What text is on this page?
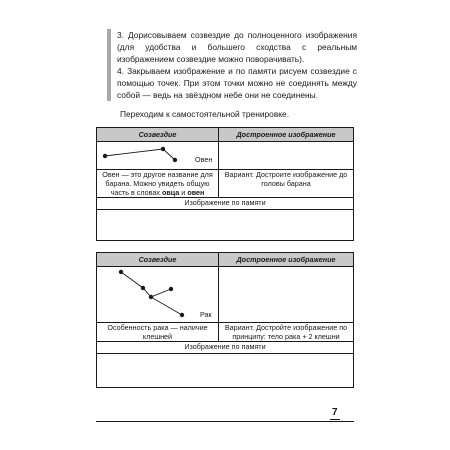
3. Дорисовываем созвездие до полноценного изображения (для удобства и большего сходства с реальным изображением созвездие можно поворачивать).

4. Закрываем изображение и по памяти рисуем созвездие с помощью точек. При этом точки можно не соединять между собой — ведь на звёздном небе они не соединены.

Переходим к самостоятельной тренировке.
Созвездие	Достроенное изображение

Овен	

Овен — это другое название для барана. Можно увидеть общую часть в словах овца и овен	Вариант. Достроите изображение до головы барана
Изображение по памяти	

Созвездие	Достроенное изображение

Рак	

Особенность рака — наличие клешней	Вариант. Достройте изображение по принципу: тело рака + 2 клешни
Изображение по памяти	

7
